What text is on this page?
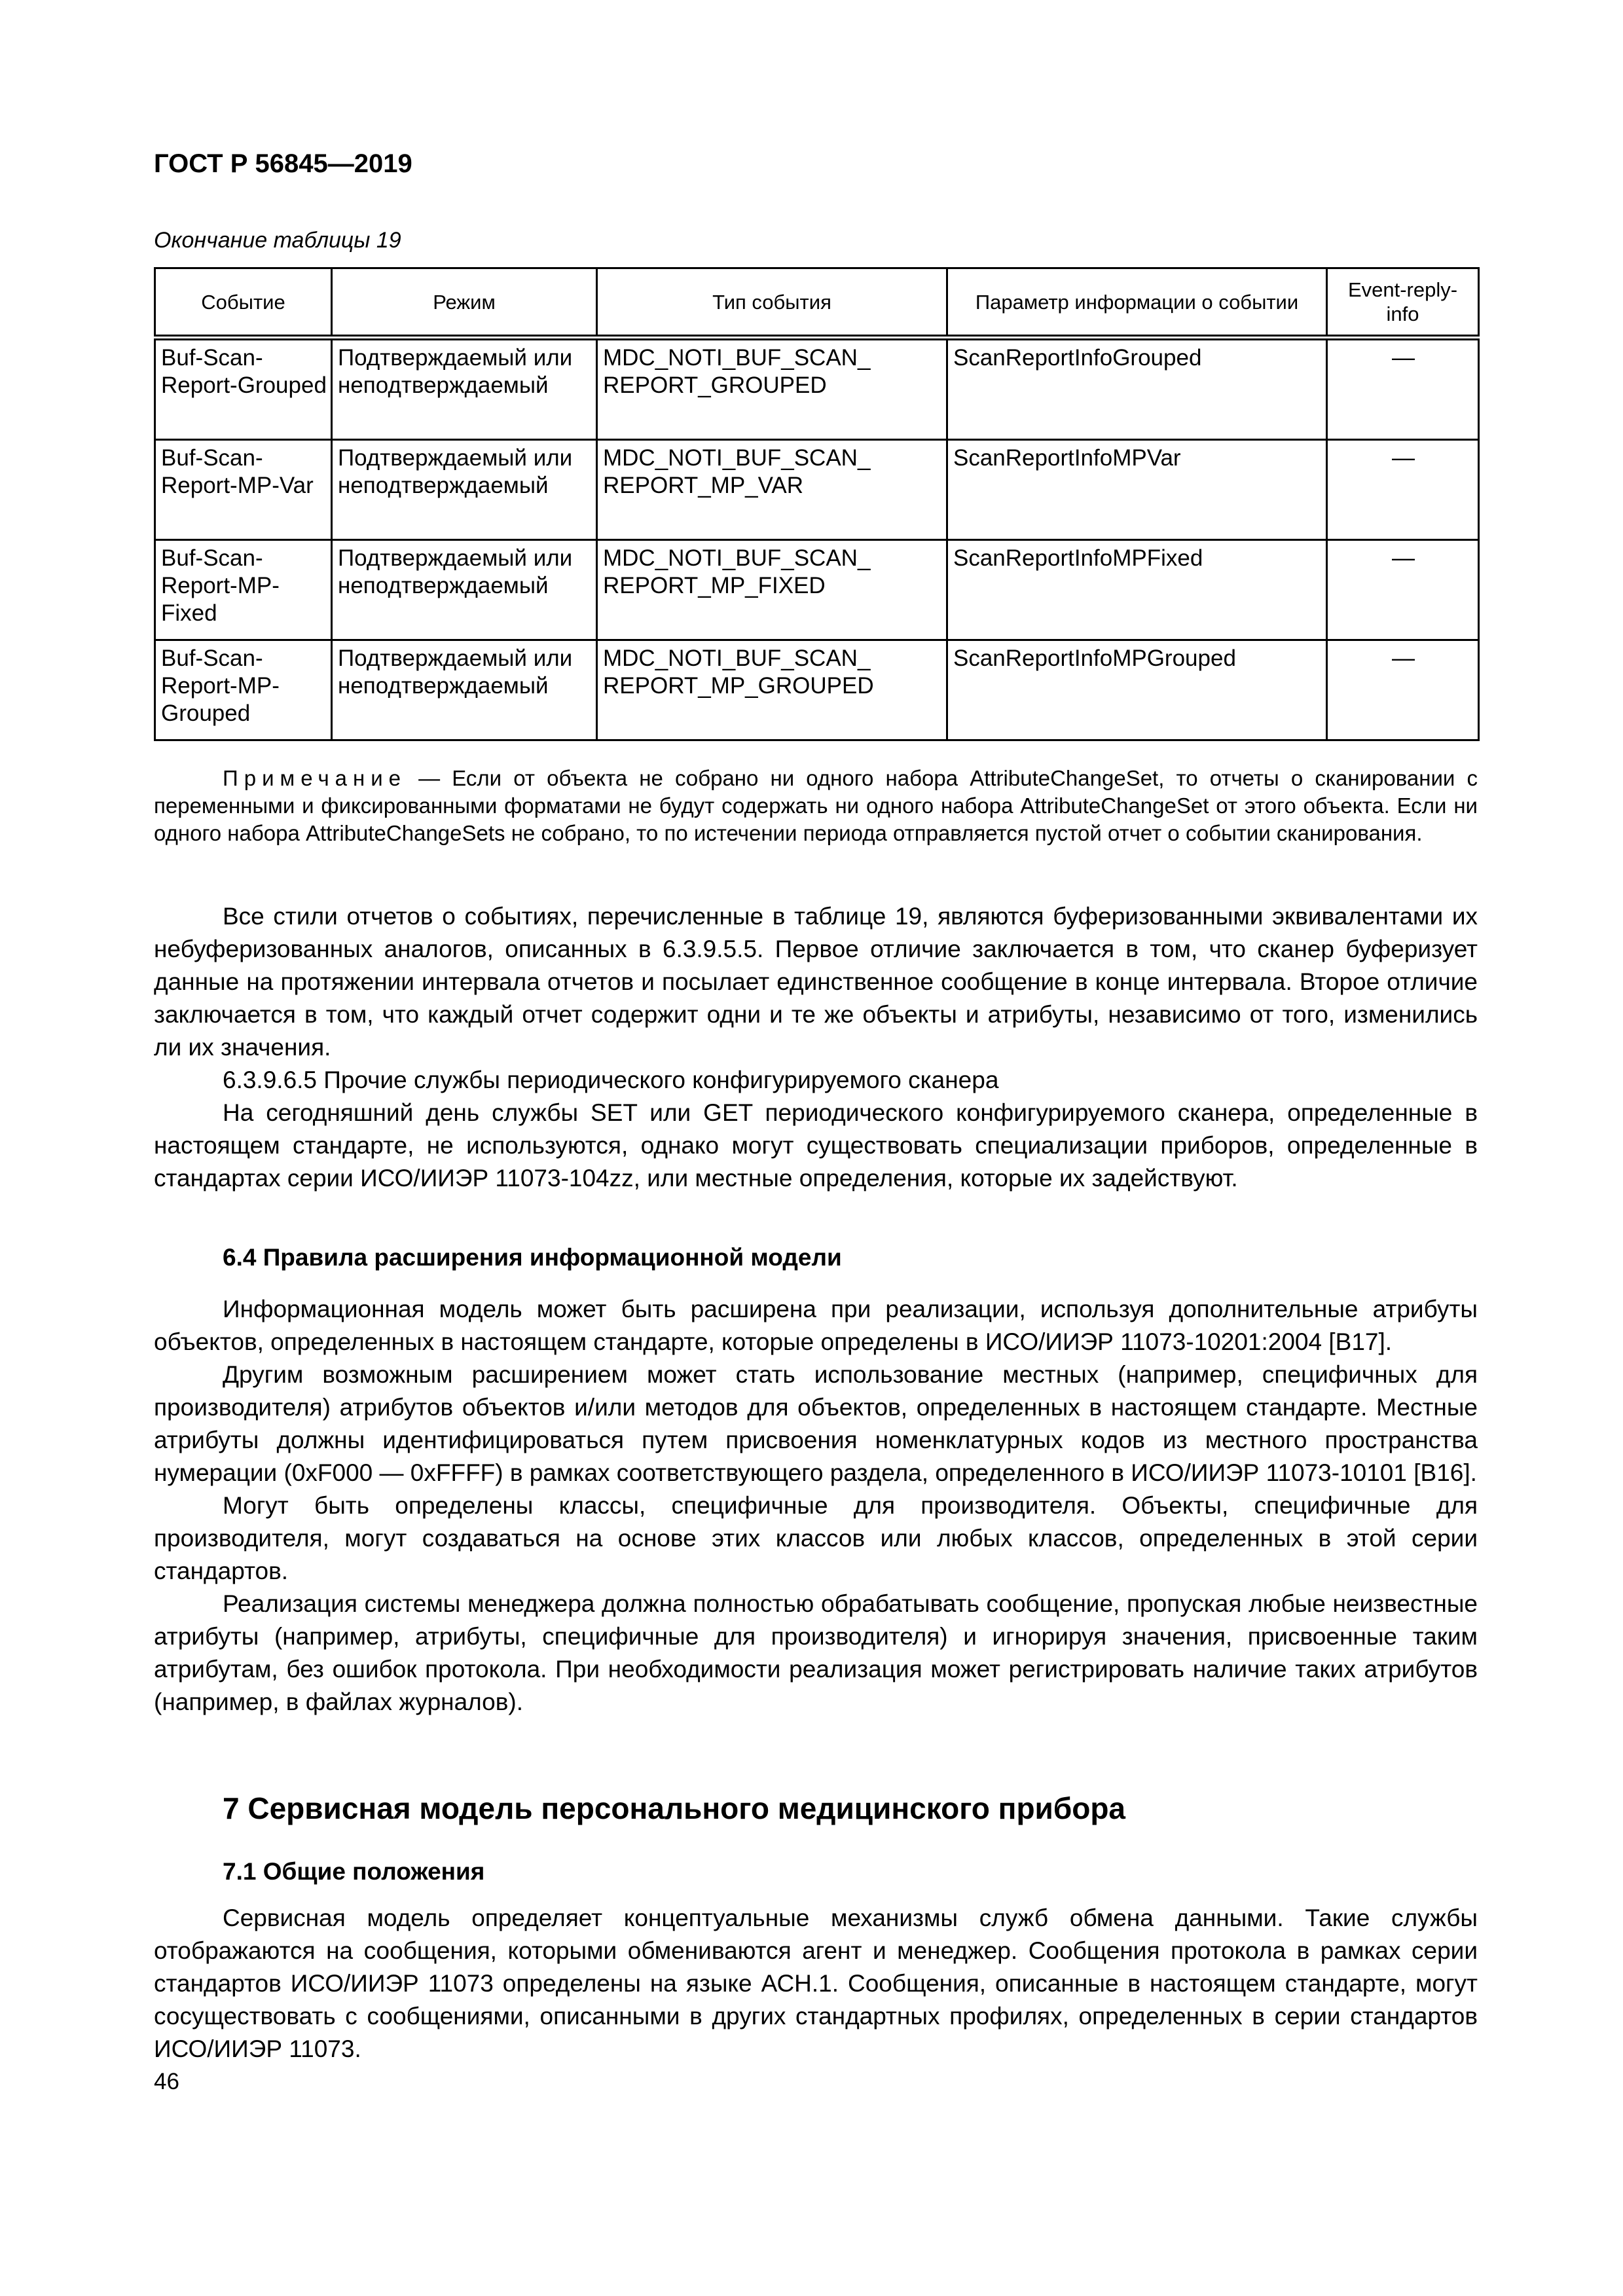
ГОСТ Р 56845—2019
Окончание таблицы 19
Событие	Режим	Тип события	Параметр информации о событии	Event-reply-info
Buf-Scan-Report-Grouped	Подтверждаемый или неподтверждаемый	MDC_NOTI_BUF_SCAN_ REPORT_GROUPED	ScanReportInfoGrouped	—
Buf-Scan-Report-MP-Var	Подтверждаемый или неподтверждаемый	MDC_NOTI_BUF_SCAN_ REPORT_MP_VAR	ScanReportInfoMPVar	—
Buf-Scan-Report-MP-Fixed	Подтверждаемый или неподтверждаемый	MDC_NOTI_BUF_SCAN_ REPORT_MP_FIXED	ScanReportInfoMPFixed	—
Buf-Scan-Report-MP-Grouped	Подтверждаемый или неподтверждаемый	MDC_NOTI_BUF_SCAN_ REPORT_MP_GROUPED	ScanReportInfoMPGrouped	—

Примечание — Если от объекта не собрано ни одного набора AttributeChangeSet, то отчеты о сканировании с переменными и фиксированными форматами не будут содержать ни одного набора AttributeChangeSet от этого объекта. Если ни одного набора AttributeChangeSets не собрано, то по истечении периода отправляется пустой отчет о событии сканирования.

Все стили отчетов о событиях, перечисленные в таблице 19, являются буферизованными эквивалентами их небуферизованных аналогов, описанных в 6.3.9.5.5. Первое отличие заключается в том, что сканер буферизует данные на протяжении интервала отчетов и посылает единственное сообщение в конце интервала. Второе отличие заключается в том, что каждый отчет содержит одни и те же объекты и атрибуты, независимо от того, изменились ли их значения.

6.3.9.6.5 Прочие службы периодического конфигурируемого сканера

На сегодняшний день службы SET или GET периодического конфигурируемого сканера, определенные в настоящем стандарте, не используются, однако могут существовать специализации приборов, определенные в стандартах серии ИСО/ИИЭР 11073-104zz, или местные определения, которые их задействуют.

6.4 Правила расширения информационной модели

Информационная модель может быть расширена при реализации, используя дополнительные атрибуты объектов, определенных в настоящем стандарте, которые определены в ИСО/ИИЭР 11073-10201:2004 [B17].

Другим возможным расширением может стать использование местных (например, специфичных для производителя) атрибутов объектов и/или методов для объектов, определенных в настоящем стандарте. Местные атрибуты должны идентифицироваться путем присвоения номенклатурных кодов из местного пространства нумерации (0xF000 — 0xFFFF) в рамках соответствующего раздела, определенного в ИСО/ИИЭР 11073-10101 [B16].

Могут быть определены классы, специфичные для производителя. Объекты, специфичные для производителя, могут создаваться на основе этих классов или любых классов, определенных в этой серии стандартов.

Реализация системы менеджера должна полностью обрабатывать сообщение, пропуская любые неизвестные атрибуты (например, атрибуты, специфичные для производителя) и игнорируя значения, присвоенные таким атрибутам, без ошибок протокола. При необходимости реализация может регистрировать наличие таких атрибутов (например, в файлах журналов).

7 Сервисная модель персонального медицинского прибора
7.1 Общие положения

Сервисная модель определяет концептуальные механизмы служб обмена данными. Такие службы отображаются на сообщения, которыми обмениваются агент и менеджер. Сообщения протокола в рамках серии стандартов ИСО/ИИЭР 11073 определены на языке АСН.1. Сообщения, описанные в настоящем стандарте, могут сосуществовать с сообщениями, описанными в других стандартных профилях, определенных в серии стандартов ИСО/ИИЭР 11073.

46
